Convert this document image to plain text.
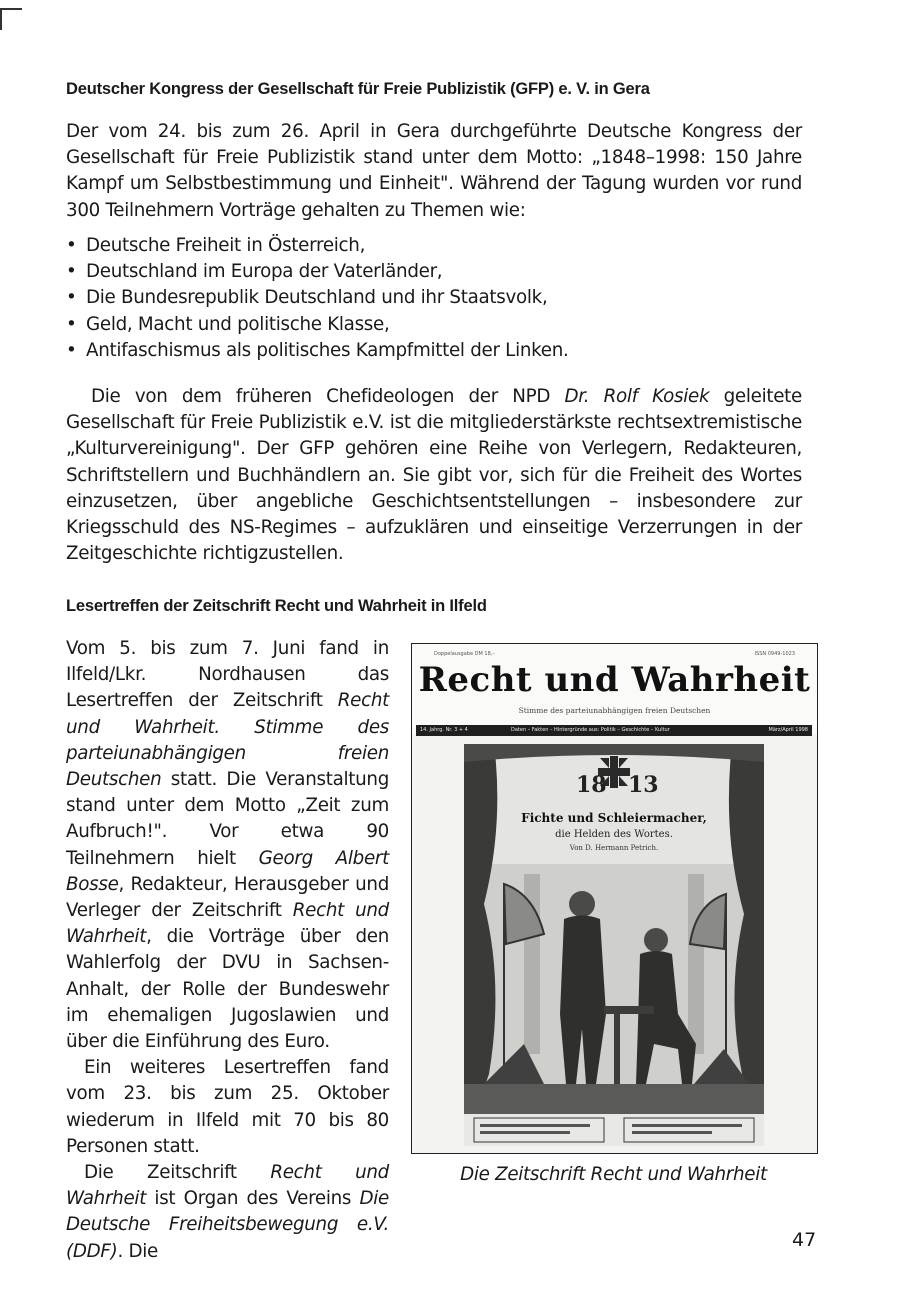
Deutscher Kongress der Gesellschaft für Freie Publizistik (GFP) e. V. in Gera
Der vom 24. bis zum 26. April in Gera durchgeführte Deutsche Kongress der Gesellschaft für Freie Publizistik stand unter dem Motto: „1848–1998: 150 Jahre Kampf um Selbstbestimmung und Einheit". Während der Tagung wurden vor rund 300 Teilnehmern Vorträge gehalten zu Themen wie:
• Deutsche Freiheit in Österreich,
• Deutschland im Europa der Vaterländer,
• Die Bundesrepublik Deutschland und ihr Staatsvolk,
• Geld, Macht und politische Klasse,
• Antifaschismus als politisches Kampfmittel der Linken.
Die von dem früheren Chefideologen der NPD Dr. Rolf Kosiek geleitete Gesellschaft für Freie Publizistik e.V. ist die mitgliederstärkste rechtsextremistische „Kulturvereinigung". Der GFP gehören eine Reihe von Verlegern, Redakteuren, Schriftstellern und Buchhändlern an. Sie gibt vor, sich für die Freiheit des Wortes einzusetzen, über angebliche Geschichtsentstellungen – insbesondere zur Kriegsschuld des NS-Regimes – aufzuklären und einseitige Verzerrungen in der Zeitgeschichte richtigzustellen.
Lesertreffen der Zeitschrift Recht und Wahrheit in Ilfeld

Vom 5. bis zum 7. Juni fand in Ilfeld/Lkr. Nordhausen das Lesertreffen der Zeitschrift Recht und Wahrheit. Stimme des parteiunabhängigen freien Deutschen statt. Die Veranstaltung stand unter dem Motto „Zeit zum Aufbruch!". Vor etwa 90 Teilnehmern hielt Georg Albert Bosse, Redakteur, Herausgeber und Verleger der Zeitschrift Recht und Wahrheit, die Vorträge über den Wahlerfolg der DVU in Sachsen-Anhalt, der Rolle der Bundeswehr im ehemaligen Jugoslawien und über die Einführung des Euro.

Ein weiteres Lesertreffen fand vom 23. bis zum 25. Oktober wiederum in Ilfeld mit 70 bis 80 Personen statt.

Die Zeitschrift Recht und Wahrheit ist Organ des Vereins Die Deutsche Freiheitsbewegung e.V. (DDF). Die

Doppelausgabe DM 18,–	ISSN 0949-1023
Recht und Wahrheit
Stimme des parteiunabhängigen freien Deutschen
14. Jahrg. Nr. 3 + 4	Daten – Fakten – Hintergründe aus: Politik – Geschichte – Kultur	März/April 1998
18 13
Fichte und Schleiermacher,
die Helden des Wortes.
Von D. Hermann Petrich.
Die Zeitschrift Recht und Wahrheit
47
